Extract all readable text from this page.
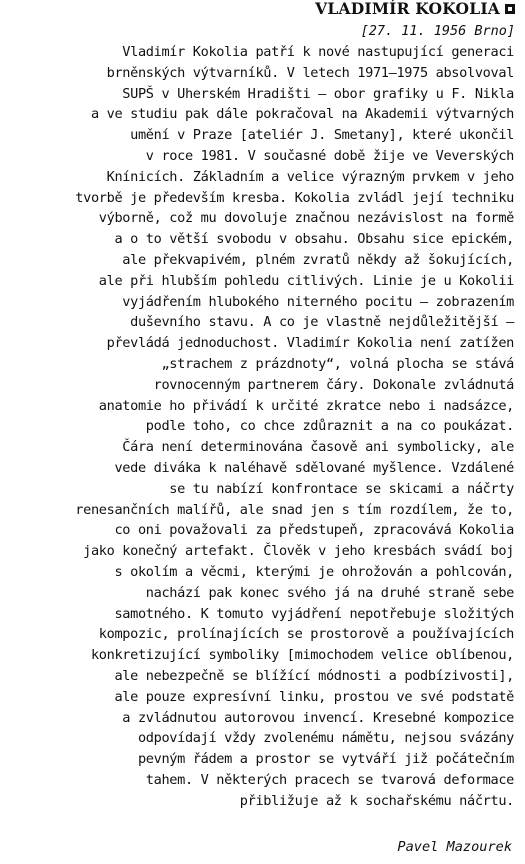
VLADIMÍR KOKOLIA
[27. 11. 1956 Brno]
Vladimír Kokolia patří k nové nastupující generaci
brněnských výtvarníků. V letech 1971—1975 absolvoval
SUPŠ v Uherském Hradišti — obor grafiky u F. Nikla
a ve studiu pak dále pokračoval na Akademii výtvarných
umění v Praze [ateliér J. Smetany], které ukončil
v roce 1981. V současné době žije ve Veverských
Knínicích. Základním a velice výrazným prvkem v jeho
tvorbě je především kresba. Kokolia zvládl její techniku
výborně, což mu dovoluje značnou nezávislost na formě
a o to větší svobodu v obsahu. Obsahu sice epickém,
ale překvapivém, plném zvratů někdy až šokujících,
ale při hlubším pohledu citlivých. Linie je u Kokolii
vyjádřením hlubokého niterného pocitu — zobrazením
duševního stavu. A co je vlastně nejdůležitější —
převládá jednoduchost. Vladimír Kokolia není zatížen
„strachem z prázdnoty“, volná plocha se stává
rovnocenným partnerem čáry. Dokonale zvládnutá
anatomie ho přivádí k určité zkratce nebo i nadsázce,
podle toho, co chce zdůraznit a na co poukázat.
Čára není determinována časově ani symbolicky, ale
vede diváka k naléhavě sdělované myšlence. Vzdálené
se tu nabízí konfrontace se skicami a náčrty
renesančních malířů, ale snad jen s tím rozdílem, že to,
co oni považovali za předstupeň, zpracovává Kokolia
jako konečný artefakt. Člověk v jeho kresbách svádí boj
s okolím a věcmi, kterými je ohrožován a pohlcován,
nachází pak konec svého já na druhé straně sebe
samotného. K tomuto vyjádření nepotřebuje složitých
kompozic, prolínajících se prostorově a používajících
konkretizující symboliky [mimochodem velice oblíbenou,
ale nebezpečně se blížící módnosti a podbízivosti],
ale pouze expresívní linku, prostou ve své podstatě
a zvládnutou autorovou invencí. Kresebné kompozice
odpovídají vždy zvolenému námětu, nejsou svázány
pevným řádem a prostor se vytváří již počátečním
tahem. V některých pracech se tvarová deformace
přibližuje až k sochařskému náčrtu.
Pavel Mazourek
